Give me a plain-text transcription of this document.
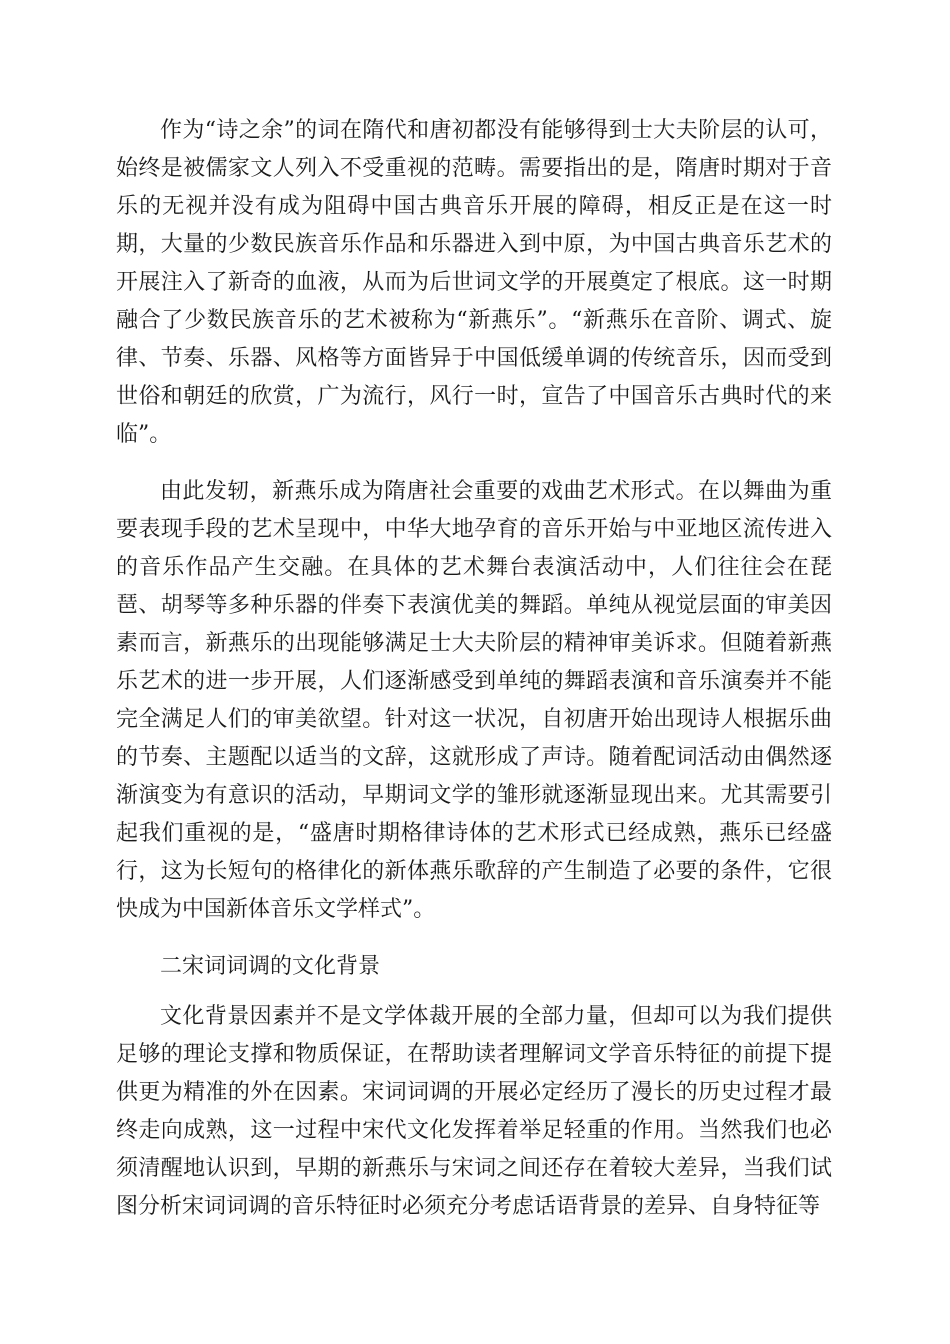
作为“诗之余”的词在隋代和唐初都没有能够得到士大夫阶层的认可，始终是被儒家文人列入不受重视的范畴。需要指出的是，隋唐时期对于音乐的无视并没有成为阻碍中国古典音乐开展的障碍，相反正是在这一时期，大量的少数民族音乐作品和乐器进入到中原，为中国古典音乐艺术的开展注入了新奇的血液，从而为后世词文学的开展奠定了根底。这一时期融合了少数民族音乐的艺术被称为“新燕乐”。“新燕乐在音阶、调式、旋律、节奏、乐器、风格等方面皆异于中国低缓单调的传统音乐，因而受到世俗和朝廷的欣赏，广为流行，风行一时，宣告了中国音乐古典时代的来临”。

由此发轫，新燕乐成为隋唐社会重要的戏曲艺术形式。在以舞曲为重要表现手段的艺术呈现中，中华大地孕育的音乐开始与中亚地区流传进入的音乐作品产生交融。在具体的艺术舞台表演活动中，人们往往会在琵琶、胡琴等多种乐器的伴奏下表演优美的舞蹈。单纯从视觉层面的审美因素而言，新燕乐的出现能够满足士大夫阶层的精神审美诉求。但随着新燕乐艺术的进一步开展，人们逐渐感受到单纯的舞蹈表演和音乐演奏并不能完全满足人们的审美欲望。针对这一状况，自初唐开始出现诗人根据乐曲的节奏、主题配以适当的文辞，这就形成了声诗。随着配词活动由偶然逐渐演变为有意识的活动，早期词文学的雏形就逐渐显现出来。尤其需要引起我们重视的是，“盛唐时期格律诗体的艺术形式已经成熟，燕乐已经盛行，这为长短句的格律化的新体燕乐歌辞的产生制造了必要的条件，它很快成为中国新体音乐文学样式”。

二宋词词调的文化背景

文化背景因素并不是文学体裁开展的全部力量，但却可以为我们提供足够的理论支撑和物质保证，在帮助读者理解词文学音乐特征的前提下提供更为精准的外在因素。宋词词调的开展必定经历了漫长的历史过程才最终走向成熟，这一过程中宋代文化发挥着举足轻重的作用。当然我们也必须清醒地认识到，早期的新燕乐与宋词之间还存在着较大差异，当我们试图分析宋词词调的音乐特征时必须充分考虑话语背景的差异、自身特征等
